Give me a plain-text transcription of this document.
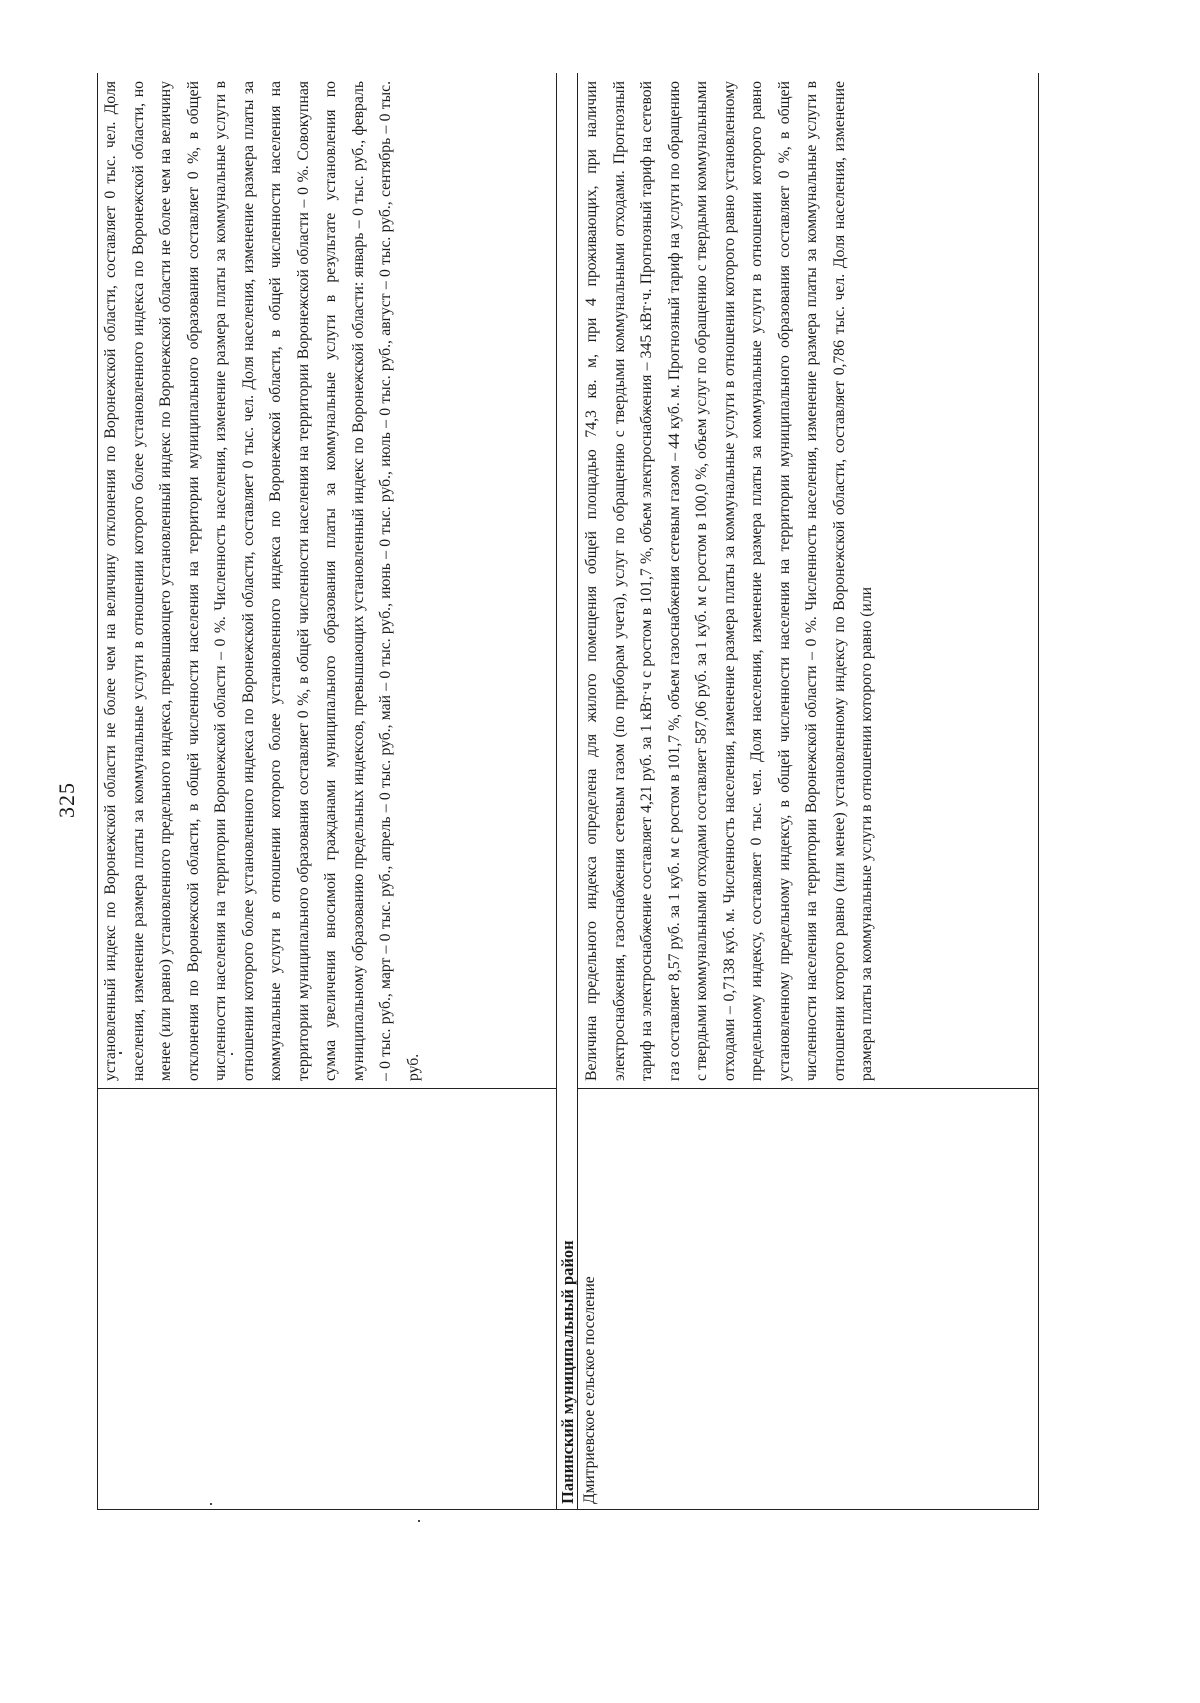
325	установленный индекс по Воронежской области не более чем на величину отклонения по Воронежской области, составляет 0 тыс. чел. Доля населения, изменение размера платы за коммунальные услуги в отношении которого более установленного индекса по Воронежской области, но менее (или равно) установленного предельного индекса, превышающего установленный индекс по Воронежской области не более чем на величину отклонения по Воронежской области, в общей численности населения на территории муниципального образования составляет 0 %, в общей численности населения на территории Воронежской области – 0 %. Численность населения, изменение размера платы за коммунальные услуги в отношении которого более установленного индекса по Воронежской области, составляет 0 тыс. чел. Доля населения, изменение размера платы за коммунальные услуги в отношении которого более установленного индекса по Воронежской области, в общей численности населения на территории муниципального образования составляет 0 %, в общей численности населения на территории Воронежской области – 0 %. Совокупная сумма увеличения вносимой гражданами муниципального образования платы за коммунальные услуги в результате установления по муниципальному образованию предельных индексов, превышающих установленный индекс по Воронежской области: январь – 0 тыс. руб., февраль – 0 тыс. руб., март – 0 тыс. руб., апрель – 0 тыс. руб., май – 0 тыс. руб., июнь – 0 тыс. руб., июль – 0 тыс. руб., август – 0 тыс. руб., сентябрь – 0 тыс. руб.
Панинский муниципальный район Дмитриевское сельское поселение
Величина предельного индекса определена для жилого помещения общей площадью 74,3 кв. м, при 4 проживающих, при наличии электроснабжения, газоснабжения сетевым газом (по приборам учета), услуг по обращению с твердыми коммунальными отходами. Прогнозный тариф на электроснабжение составляет 4,21 руб. за 1 кВт·ч с ростом в 101,7 %, объем электроснабжения – 345 кВт·ч. Прогнозный тариф на сетевой газ составляет 8,57 руб. за 1 куб. м с ростом в 101,7 %, объем газоснабжения сетевым газом – 44 куб. м. Прогнозный тариф на услуги по обращению с твердыми коммунальными отходами составляет 587,06 руб. за 1 куб. м с ростом в 100,0 %, объем услуг по обращению с твердыми коммунальными отходами – 0,7138 куб. м. Численность населения, изменение размера платы за коммунальные услуги в отношении которого равно установленному предельному индексу, составляет 0 тыс. чел. Доля населения, изменение размера платы за коммунальные услуги в отношении которого равно установленному предельному индексу, в общей численности населения на территории муниципального образования составляет 0 %, в общей численности населения на территории Воронежской области – 0 %. Численность населения, изменение размера платы за коммунальные услуги в отношении которого равно (или менее) установленному индексу по Воронежской области, составляет 0,786 тыс. чел. Доля населения, изменение размера платы за коммунальные услуги в отношении которого равно (или
